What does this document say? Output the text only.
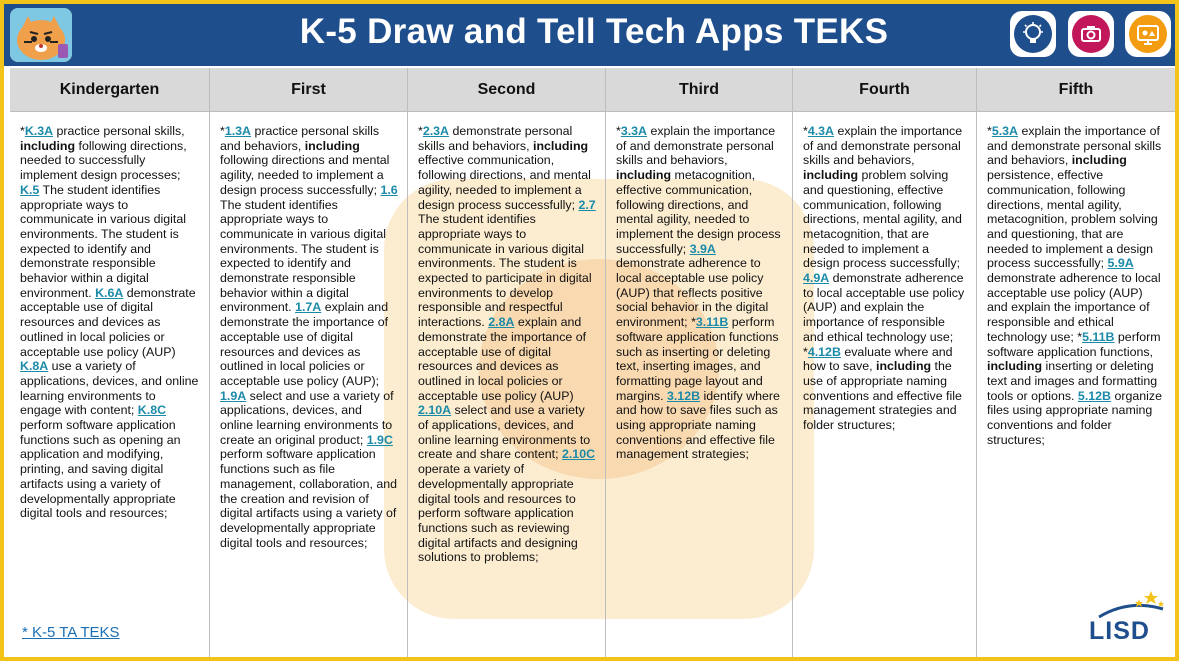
K-5 Draw and Tell Tech Apps TEKS
Kindergarten
*K.3A practice personal skills, including following directions, needed to successfully implement design processes; K.5 The student identifies appropriate ways to communicate in various digital environments. The student is expected to identify and demonstrate responsible behavior within a digital environment. K.6A demonstrate acceptable use of digital resources and devices as outlined in local policies or acceptable use policy (AUP) K.8A use a variety of applications, devices, and online learning environments to engage with content; K.8C perform software application functions such as opening an application and modifying, printing, and saving digital artifacts using a variety of developmentally appropriate digital tools and resources;
First
*1.3A practice personal skills and behaviors, including following directions and mental agility, needed to implement a design process successfully; 1.6 The student identifies appropriate ways to communicate in various digital environments. The student is expected to identify and demonstrate responsible behavior within a digital environment. 1.7A explain and demonstrate the importance of acceptable use of digital resources and devices as outlined in local policies or acceptable use policy (AUP); 1.9A select and use a variety of applications, devices, and online learning environments to create an original product; 1.9C perform software application functions such as file management, collaboration, and the creation and revision of digital artifacts using a variety of developmentally appropriate digital tools and resources;
Second
*2.3A demonstrate personal skills and behaviors, including effective communication, following directions, and mental agility, needed to implement a design process successfully; 2.7 The student identifies appropriate ways to communicate in various digital environments. The student is expected to participate in digital environments to develop responsible and respectful interactions. 2.8A explain and demonstrate the importance of acceptable use of digital resources and devices as outlined in local policies or acceptable use policy (AUP) 2.10A select and use a variety of applications, devices, and online learning environments to create and share content; 2.10C operate a variety of developmentally appropriate digital tools and resources to perform software application functions such as reviewing digital artifacts and designing solutions to problems;
Third
*3.3A explain the importance of and demonstrate personal skills and behaviors, including metacognition, effective communication, following directions, and mental agility, needed to implement the design process successfully; 3.9A demonstrate adherence to local acceptable use policy (AUP) that reflects positive social behavior in the digital environment; *3.11B perform software application functions such as inserting or deleting text, inserting images, and formatting page layout and margins. 3.12B identify where and how to save files such as using appropriate naming conventions and effective file management strategies;
Fourth
*4.3A explain the importance of and demonstrate personal skills and behaviors, including problem solving and questioning, effective communication, following directions, mental agility, and metacognition, that are needed to implement a design process successfully; 4.9A demonstrate adherence to local acceptable use policy (AUP) and explain the importance of responsible and ethical technology use; *4.12B evaluate where and how to save, including the use of appropriate naming conventions and effective file management strategies and folder structures;
Fifth
*5.3A explain the importance of and demonstrate personal skills and behaviors, including persistence, effective communication, following directions, mental agility, metacognition, problem solving and questioning, that are needed to implement a design process successfully; 5.9A demonstrate adherence to local acceptable use policy (AUP) and explain the importance of responsible and ethical technology use; *5.11B perform software application functions, including inserting or deleting text and images and formatting tools or options. 5.12B organize files using appropriate naming conventions and folder structures;
* K-5 TA TEKS	LISD
